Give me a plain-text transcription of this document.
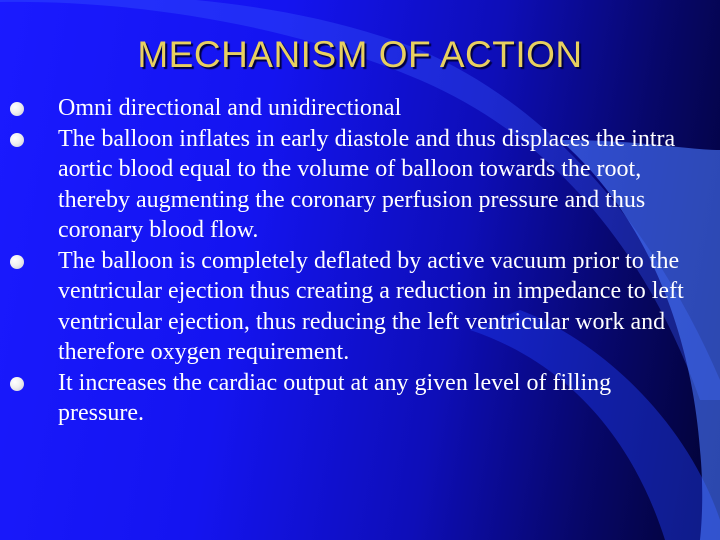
MECHANISM OF ACTION
Omni directional and unidirectional
The balloon inflates in early diastole and thus displaces the intra aortic blood equal to the volume of balloon towards the root, thereby augmenting the coronary perfusion pressure and thus coronary blood flow.
The balloon is completely deflated by active vacuum prior to the ventricular ejection thus creating a reduction in impedance to left ventricular ejection, thus reducing the left ventricular work and therefore oxygen requirement.
It increases the cardiac output at any given level of filling pressure.
